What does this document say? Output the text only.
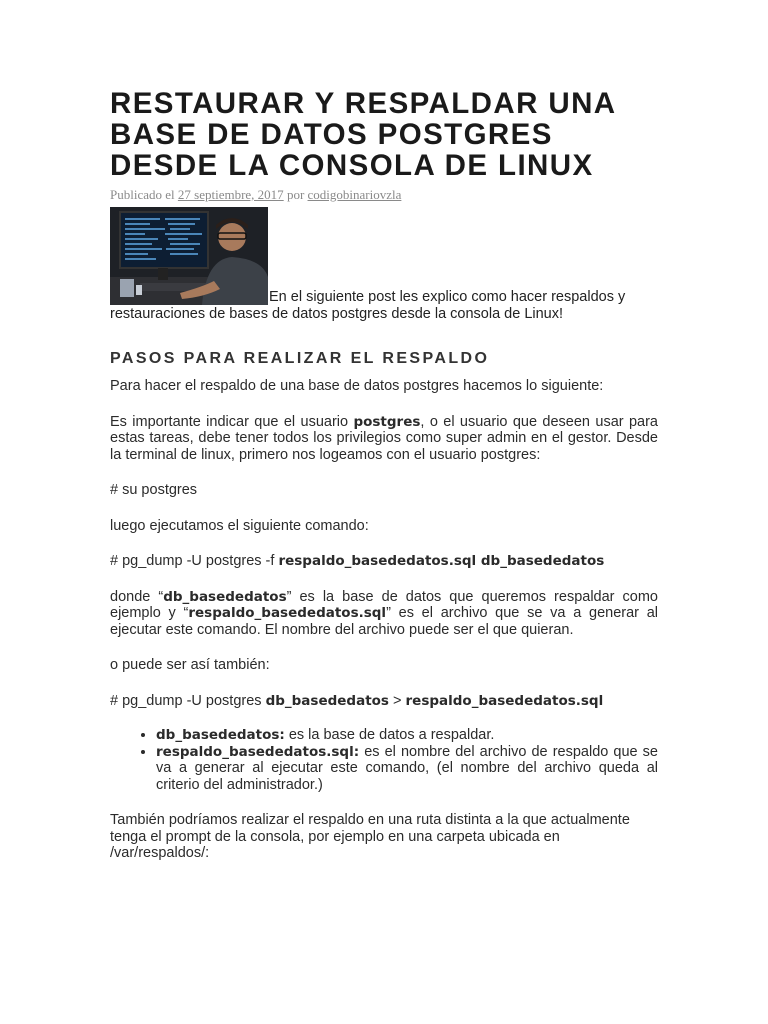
RESTAURAR Y RESPALDAR UNA BASE DE DATOS POSTGRES DESDE LA CONSOLA DE LINUX
Publicado el 27 septiembre, 2017 por codigobinariovzla
En el siguiente post les explico como hacer respaldos y restauraciones de bases de datos postgres desde la consola de Linux!
PASOS PARA REALIZAR EL RESPALDO

Para hacer el respaldo de una base de datos postgres hacemos lo siguiente:

Es importante indicar que el usuario postgres, o el usuario que deseen usar para estas tareas, debe tener todos los privilegios como super admin en el gestor. Desde la terminal de linux, primero nos logeamos con el usuario postgres:

# su postgres

luego ejecutamos el siguiente comando:

# pg_dump -U postgres -f respaldo_basededatos.sql db_basededatos

donde “db_basededatos” es la base de datos que queremos respaldar como ejemplo y “respaldo_basededatos.sql” es el archivo que se va a generar al ejecutar este comando. El nombre del archivo puede ser el que quieran.

o puede ser así también:

# pg_dump -U postgres db_basededatos > respaldo_basededatos.sql

• db_basededatos: es la base de datos a respaldar.
• respaldo_basededatos.sql: es el nombre del archivo de respaldo que se va a generar al ejecutar este comando, (el nombre del archivo queda al criterio del administrador.)

También podríamos realizar el respaldo en una ruta distinta a la que actualmente tenga el prompt de la consola, por ejemplo en una carpeta ubicada en /var/respaldos/:
